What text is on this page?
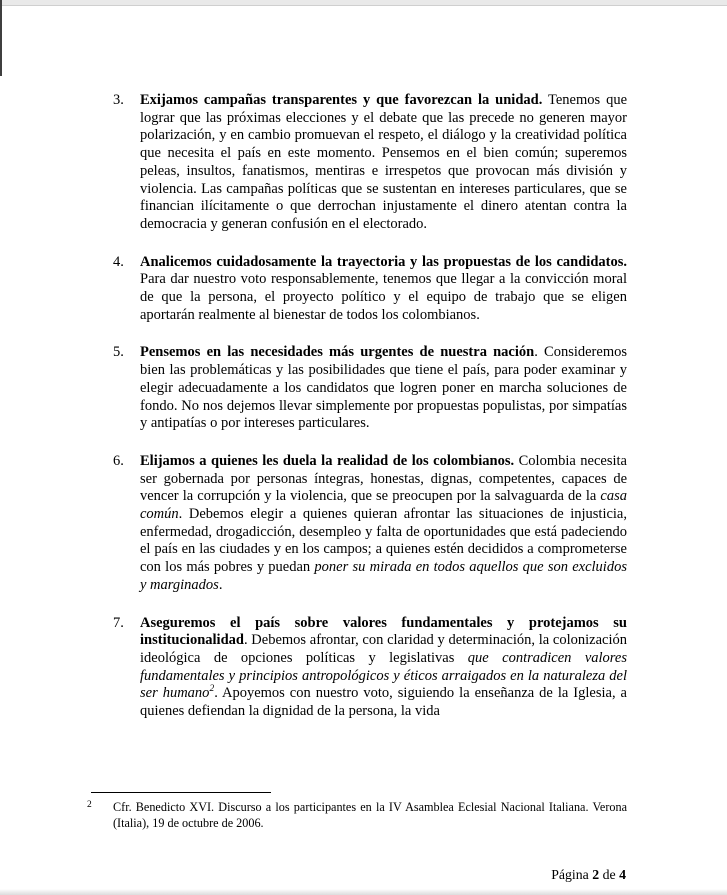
3.	Exijamos campañas transparentes y que favorezcan la unidad. Tenemos que lograr que las próximas elecciones y el debate que las precede no generen mayor polarización, y en cambio promuevan el respeto, el diálogo y la creatividad política que necesita el país en este momento. Pensemos en el bien común; superemos peleas, insultos, fanatismos, mentiras e irrespetos que provocan más división y violencia. Las campañas políticas que se sustentan en intereses particulares, que se financian ilícitamente o que derrochan injustamente el dinero atentan contra la democracia y generan confusión en el electorado.
4.	Analicemos cuidadosamente la trayectoria y las propuestas de los candidatos. Para dar nuestro voto responsablemente, tenemos que llegar a la convicción moral de que la persona, el proyecto político y el equipo de trabajo que se eligen aportarán realmente al bienestar de todos los colombianos.
5.	Pensemos en las necesidades más urgentes de nuestra nación. Consideremos bien las problemáticas y las posibilidades que tiene el país, para poder examinar y elegir adecuadamente a los candidatos que logren poner en marcha soluciones de fondo. No nos dejemos llevar simplemente por propuestas populistas, por simpatías y antipatías o por intereses particulares.
6.	Elijamos a quienes les duela la realidad de los colombianos. Colombia necesita ser gobernada por personas íntegras, honestas, dignas, competentes, capaces de vencer la corrupción y la violencia, que se preocupen por la salvaguarda de la casa común. Debemos elegir a quienes quieran afrontar las situaciones de injusticia, enfermedad, drogadicción, desempleo y falta de oportunidades que está padeciendo el país en las ciudades y en los campos; a quienes estén decididos a comprometerse con los más pobres y puedan poner su mirada en todos aquellos que son excluidos y marginados.
7.	Aseguremos el país sobre valores fundamentales y protejamos su institucionalidad. Debemos afrontar, con claridad y determinación, la colonización ideológica de opciones políticas y legislativas que contradicen valores fundamentales y principios antropológicos y éticos arraigados en la naturaleza del ser humano$^2$. Apoyemos con nuestro voto, siguiendo la enseñanza de la Iglesia, a quienes defiendan la dignidad de la persona, la vida
2	Cfr. Benedicto XVI. Discurso a los participantes en la IV Asamblea Eclesial Nacional Italiana. Verona (Italia), 19 de octubre de 2006.
Página 2 de 4
